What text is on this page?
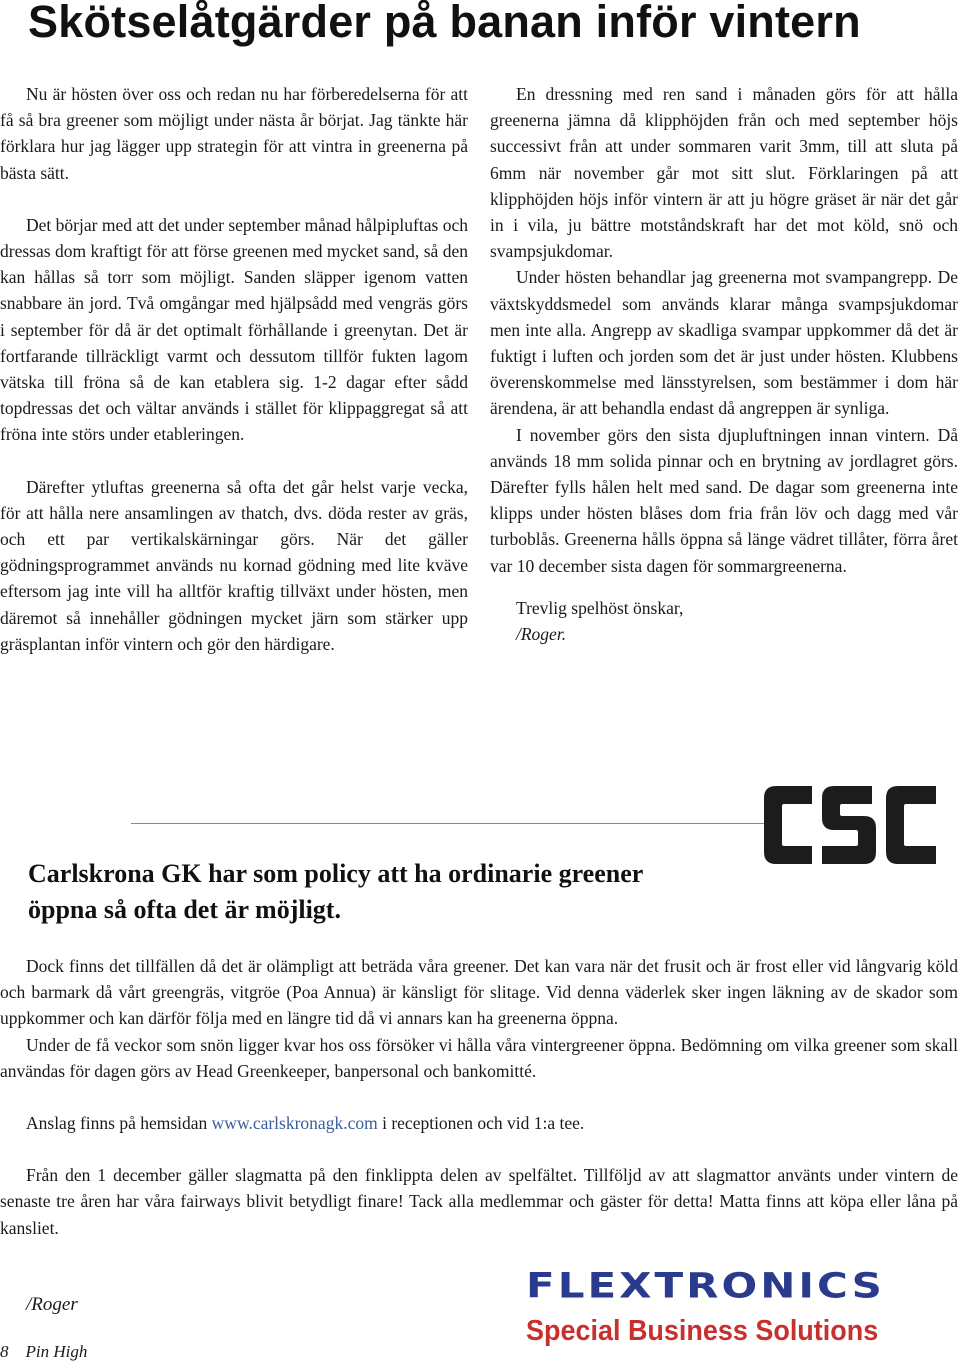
Skötselåtgärder på banan inför vintern

Nu är hösten över oss och redan nu har förberedelserna för att få så bra greener som möjligt under nästa år börjat. Jag tänkte här förklara hur jag lägger upp strategin för att vintra in greenerna på bästa sätt.

Det börjar med att det under september månad hålpipluftas och dressas dom kraftigt för att förse greenen med mycket sand, så den kan hållas så torr som möjligt. Sanden släpper igenom vatten snabbare än jord. Två omgångar med hjälpsådd med vengräs görs i september för då är det optimalt förhållande i greenytan. Det är fortfarande tillräckligt varmt och dessutom tillför fukten lagom vätska till fröna så de kan etablera sig. 1-2 dagar efter sådd topdressas det och vältar används i stället för klippaggregat så att fröna inte störs under etableringen.

Därefter ytluftas greenerna så ofta det går helst varje vecka, för att hålla nere ansamlingen av thatch, dvs. döda rester av gräs, och ett par vertikalskärningar görs. När det gäller gödningsprogrammet används nu kornad gödning med lite kväve eftersom jag inte vill ha alltför kraftig tillväxt under hösten, men däremot så innehåller gödningen mycket järn som stärker upp gräsplantan inför vintern och gör den härdigare.

En dressning med ren sand i månaden görs för att hålla greenerna jämna då klipphöjden från och med september höjs successivt från att under sommaren varit 3mm, till att sluta på 6mm när november går mot sitt slut. Förklaringen på att klipphöjden höjs inför vintern är att ju högre gräset är när det går in i vila, ju bättre motståndskraft har det mot köld, snö och svampsjukdomar.

Under hösten behandlar jag greenerna mot svampangrepp. De växtskyddsmedel som används klarar många svampsjukdomar men inte alla. Angrepp av skadliga svampar uppkommer då det är fuktigt i luften och jorden som det är just under hösten. Klubbens överenskommelse med länsstyrelsen, som bestämmer i dom här ärendena, är att behandla endast då angreppen är synliga.

I november görs den sista djupluftningen innan vintern. Då används 18 mm solida pinnar och en brytning av jordlagret görs. Därefter fylls hålen helt med sand. De dagar som greenerna inte klipps under hösten blåses dom fria från löv och dagg med vår turboblås. Greenerna hålls öppna så länge vädret tillåter, förra året var 10 december sista dagen för sommargreenerna.

Trevlig spelhöst önskar,

/Roger.

Carlskrona GK har som policy att ha ordinarie greener öppna så ofta det är möjligt.

Dock finns det tillfällen då det är olämpligt att beträda våra greener. Det kan vara när det frusit och är frost eller vid långvarig köld och barmark då vårt greengräs, vitgröe (Poa Annua) är känsligt för slitage. Vid denna väderlek sker ingen läkning av de skador som uppkommer och kan därför följa med en längre tid då vi annars kan ha greenerna öppna.

Under de få veckor som snön ligger kvar hos oss försöker vi hålla våra vintergreener öppna. Bedömning om vilka greener som skall användas för dagen görs av Head Greenkeeper, banpersonal och bankomitté.

Anslag finns på hemsidan www.carlskronagk.com i receptionen och vid 1:a tee.

Från den 1 december gäller slagmatta på den finklippta delen av spelfältet. Tillföljd av att slagmattor använts under vintern de senaste tre åren har våra fairways blivit betydligt finare! Tack alla medlemmar och gäster för detta! Matta finns att köpa eller låna på kansliet.

/Roger	FLEXTRONICS
Special Business Solutions
8 Pin High
